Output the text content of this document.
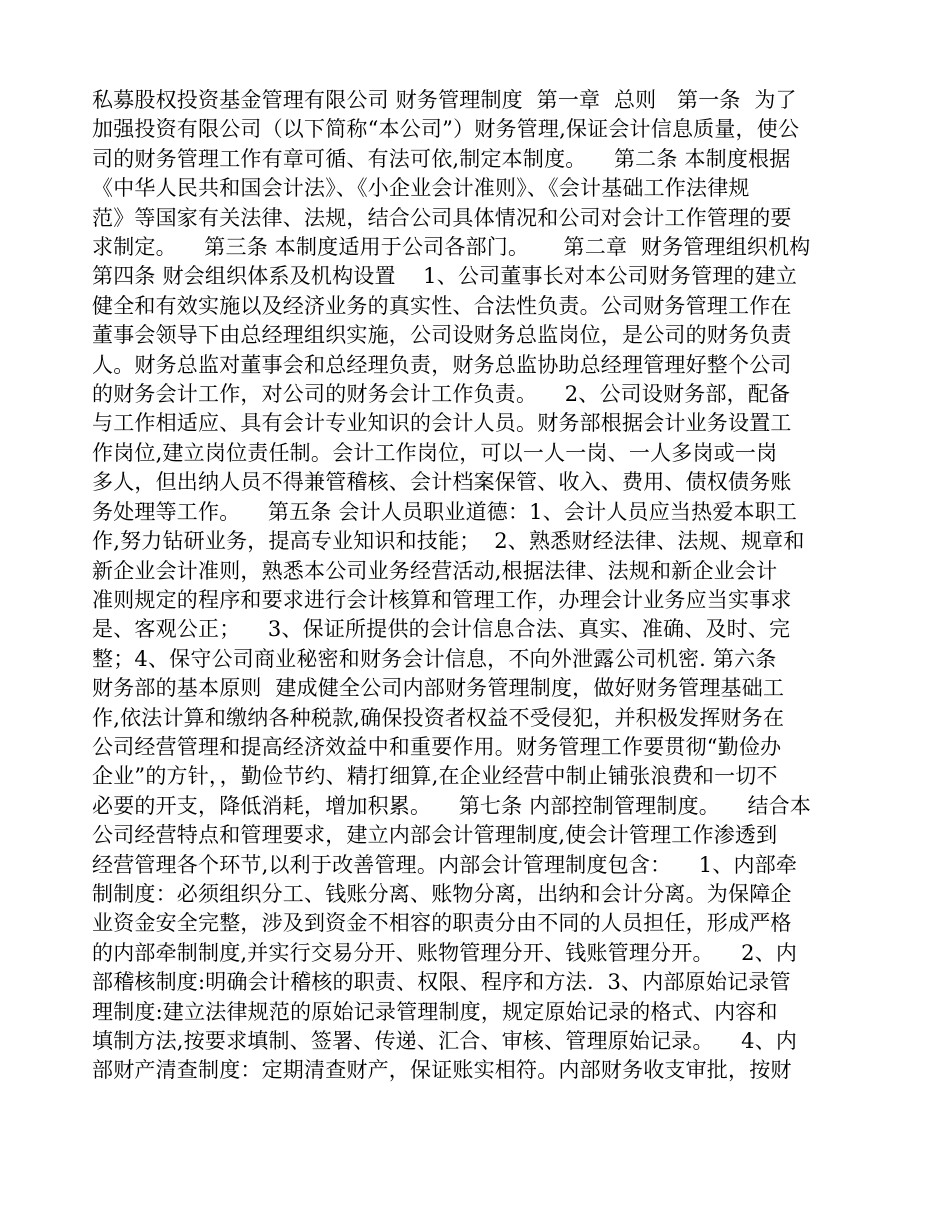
私募股权投资基金管理有限公司 财务管理制度  第一章  总则   第一条  为了
加强投资有限公司（以下简称“本公司”）财务管理,保证会计信息质量，使公
司的财务管理工作有章可循、有法可依,制定本制度。    第二条 本制度根据
《中华人民共和国会计法》、《小企业会计准则》、《会计基础工作法律规
范》等国家有关法律、法规，结合公司具体情况和公司对会计工作管理的要
求制定。    第三条 本制度适用于公司各部门。     第二章  财务管理组织机构
第四条 财会组织体系及机构设置    1、公司董事长对本公司财务管理的建立
健全和有效实施以及经济业务的真实性、合法性负责。公司财务管理工作在
董事会领导下由总经理组织实施，公司设财务总监岗位，是公司的财务负责
人。财务总监对董事会和总经理负责，财务总监协助总经理管理好整个公司
的财务会计工作，对公司的财务会计工作负责。    2、公司设财务部，配备
与工作相适应、具有会计专业知识的会计人员。财务部根据会计业务设置工
作岗位,建立岗位责任制。会计工作岗位，可以一人一岗、一人多岗或一岗
多人，但出纳人员不得兼管稽核、会计档案保管、收入、费用、债权债务账
务处理等工作。    第五条 会计人员职业道德：1、会计人员应当热爱本职工
作,努力钻研业务，提高专业知识和技能；  2、熟悉财经法律、法规、规章和
新企业会计准则，熟悉本公司业务经营活动,根据法律、法规和新企业会计
准则规定的程序和要求进行会计核算和管理工作，办理会计业务应当实事求
是、客观公正；    3、保证所提供的会计信息合法、真实、准确、及时、完
整；4、保守公司商业秘密和财务会计信息，不向外泄露公司机密. 第六条
财务部的基本原则  建成健全公司内部财务管理制度，做好财务管理基础工
作,依法计算和缴纳各种税款,确保投资者权益不受侵犯，并积极发挥财务在
公司经营管理和提高经济效益中和重要作用。财务管理工作要贯彻“勤俭办
企业”的方针，，勤俭节约、精打细算,在企业经营中制止铺张浪费和一切不
必要的开支，降低消耗，增加积累。    第七条 内部控制管理制度。    结合本
公司经营特点和管理要求，建立内部会计管理制度,使会计管理工作渗透到
经营管理各个环节,以利于改善管理。内部会计管理制度包含：    1、内部牵
制制度：必须组织分工、钱账分离、账物分离，出纳和会计分离。为保障企
业资金安全完整，涉及到资金不相容的职责分由不同的人员担任，形成严格
的内部牵制制度,并实行交易分开、账物管理分开、钱账管理分开。    2、内
部稽核制度:明确会计稽核的职责、权限、程序和方法.  3、内部原始记录管
理制度:建立法律规范的原始记录管理制度，规定原始记录的格式、内容和
填制方法,按要求填制、签署、传递、汇合、审核、管理原始记录。    4、内
部财产清查制度：定期清查财产，保证账实相符。内部财务收支审批，按财
